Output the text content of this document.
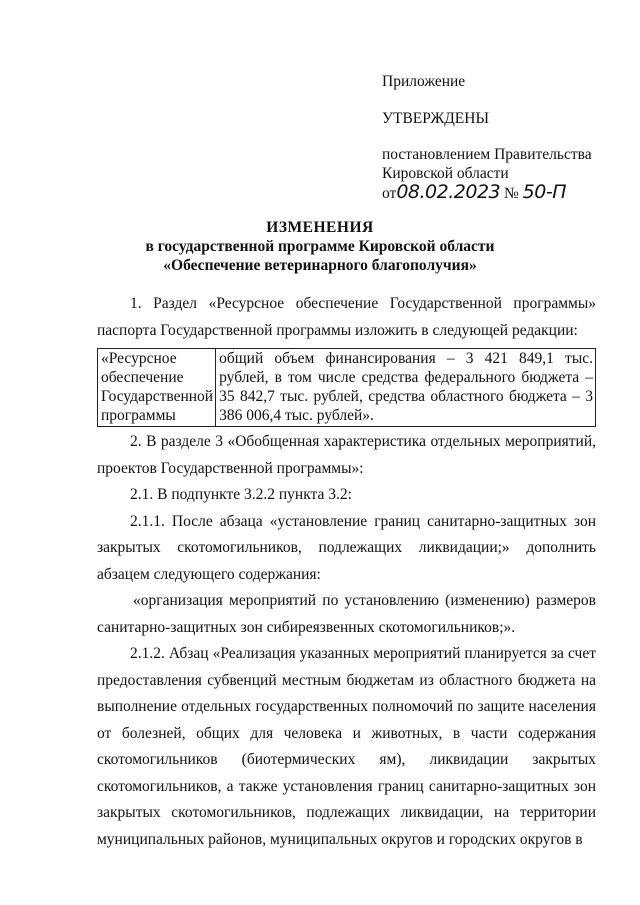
Приложение
УТВЕРЖДЕНЫ
постановлением Правительства
Кировской области
от08.02.2023 № 50-П
ИЗМЕНЕНИЯ
в государственной программе Кировской области
«Обеспечение ветеринарного благополучия»

1. Раздел «Ресурсное обеспечение Государственной программы» паспорта Государственной программы изложить в следующей редакции:

«Ресурсное
обеспечение
Государственной
программы
	общий объем финансирования – 3 421 849,1 тыс. рублей, в том числе средства федерального бюджета – 35 842,7 тыс. рублей, средства областного бюджета – 3 386 006,4 тыс. рублей».

2. В разделе 3 «Обобщенная характеристика отдельных мероприятий, проектов Государственной программы»:

2.1. В подпункте 3.2.2 пункта 3.2:

2.1.1. После абзаца «установление границ санитарно-защитных зон закрытых скотомогильников, подлежащих ликвидации;» дополнить абзацем следующего содержания:

«организация мероприятий по установлению (изменению) размеров санитарно-защитных зон сибиреязвенных скотомогильников;».

2.1.2. Абзац «Реализация указанных мероприятий планируется за счет предоставления субвенций местным бюджетам из областного бюджета на выполнение отдельных государственных полномочий по защите населения от болезней, общих для человека и животных, в части содержания скотомогильников (биотермических ям), ликвидации закрытых скотомогильников, а также установления границ санитарно-защитных зон закрытых скотомогильников, подлежащих ликвидации, на территории муниципальных районов, муниципальных округов и городских округов в
